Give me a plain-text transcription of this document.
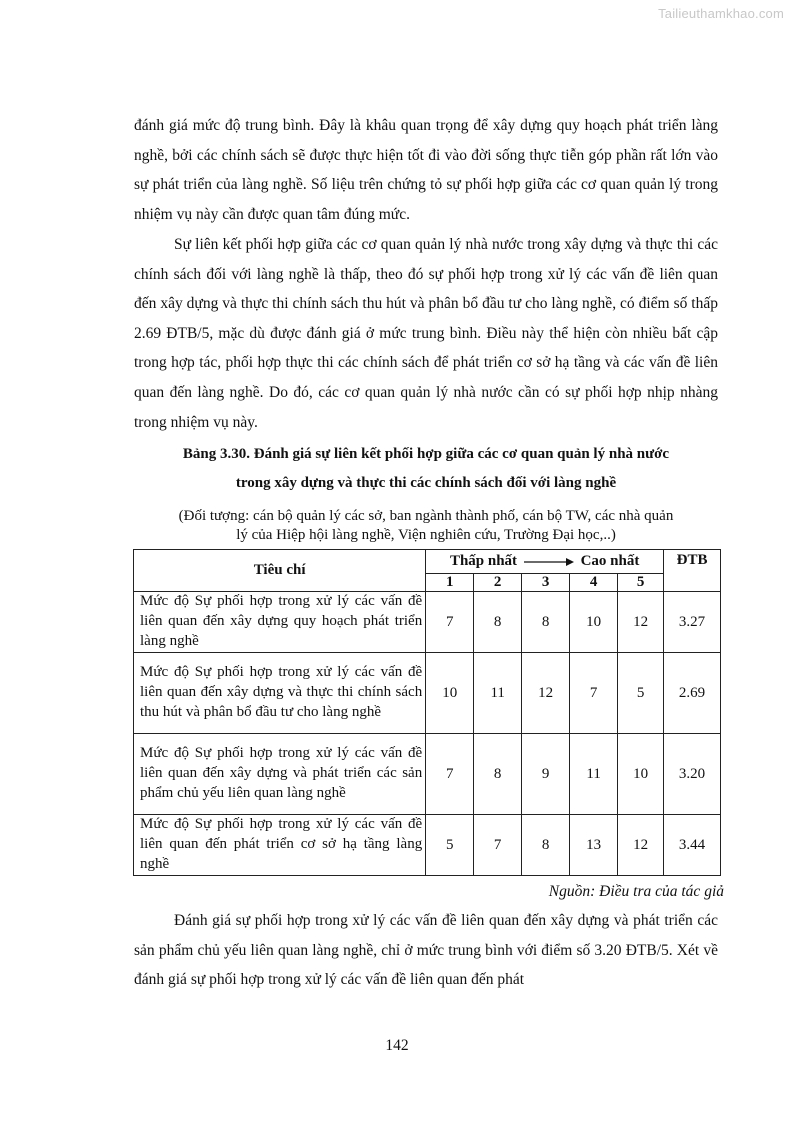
Tailieuthamkhao.com

đánh giá mức độ trung bình. Đây là khâu quan trọng để xây dựng quy hoạch phát triển làng nghề, bởi các chính sách sẽ được thực hiện tốt đi vào đời sống thực tiễn góp phần rất lớn vào sự phát triển của làng nghề. Số liệu trên chứng tỏ sự phối hợp giữa các cơ quan quản lý trong nhiệm vụ này cần được quan tâm đúng mức.

Sự liên kết phối hợp giữa các cơ quan quản lý nhà nước trong xây dựng và thực thi các chính sách đối với làng nghề là thấp, theo đó sự phối hợp trong xử lý các vấn đề liên quan đến xây dựng và thực thi chính sách thu hút và phân bổ đầu tư cho làng nghề, có điểm số thấp 2.69 ĐTB/5, mặc dù được đánh giá ở mức trung bình. Điều này thể hiện còn nhiều bất cập trong hợp tác, phối hợp thực thi các chính sách để phát triển cơ sở hạ tầng và các vấn đề liên quan đến làng nghề. Do đó, các cơ quan quản lý nhà nước cần có sự phối hợp nhịp nhàng trong nhiệm vụ này.

Bảng 3.30. Đánh giá sự liên kết phối hợp giữa các cơ quan quản lý nhà nước

trong xây dựng và thực thi các chính sách đối với làng nghề

(Đối tượng: cán bộ quản lý các sở, ban ngành thành phố, cán bộ TW, các nhà quản

lý của Hiệp hội làng nghề, Viện nghiên cứu, Trường Đại học,..)

Tiêu chí	Thấp nhất Cao nhất					ĐTB
	1	2	3	4	5	
Mức độ Sự phối hợp trong xử lý các vấn đề liên quan đến xây dựng quy hoạch phát triển làng nghề	7	8	8	10	12	3.27
Mức độ Sự phối hợp trong xử lý các vấn đề liên quan đến xây dựng và thực thi chính sách thu hút và phân bổ đầu tư cho làng nghề	10	11	12	7	5	2.69
Mức độ Sự phối hợp trong xử lý các vấn đề liên quan đến xây dựng và phát triển các sản phẩm chủ yếu liên quan làng nghề	7	8	9	11	10	3.20
Mức độ Sự phối hợp trong xử lý các vấn đề liên quan đến phát triển cơ sở hạ tầng làng nghề	5	7	8	13	12	3.44

Nguồn: Điều tra của tác giả

Đánh giá sự phối hợp trong xử lý các vấn đề liên quan đến xây dựng và phát triển các sản phẩm chủ yếu liên quan làng nghề, chỉ ở mức trung bình với điểm số 3.20 ĐTB/5. Xét về đánh giá sự phối hợp trong xử lý các vấn đề liên quan đến phát

142
